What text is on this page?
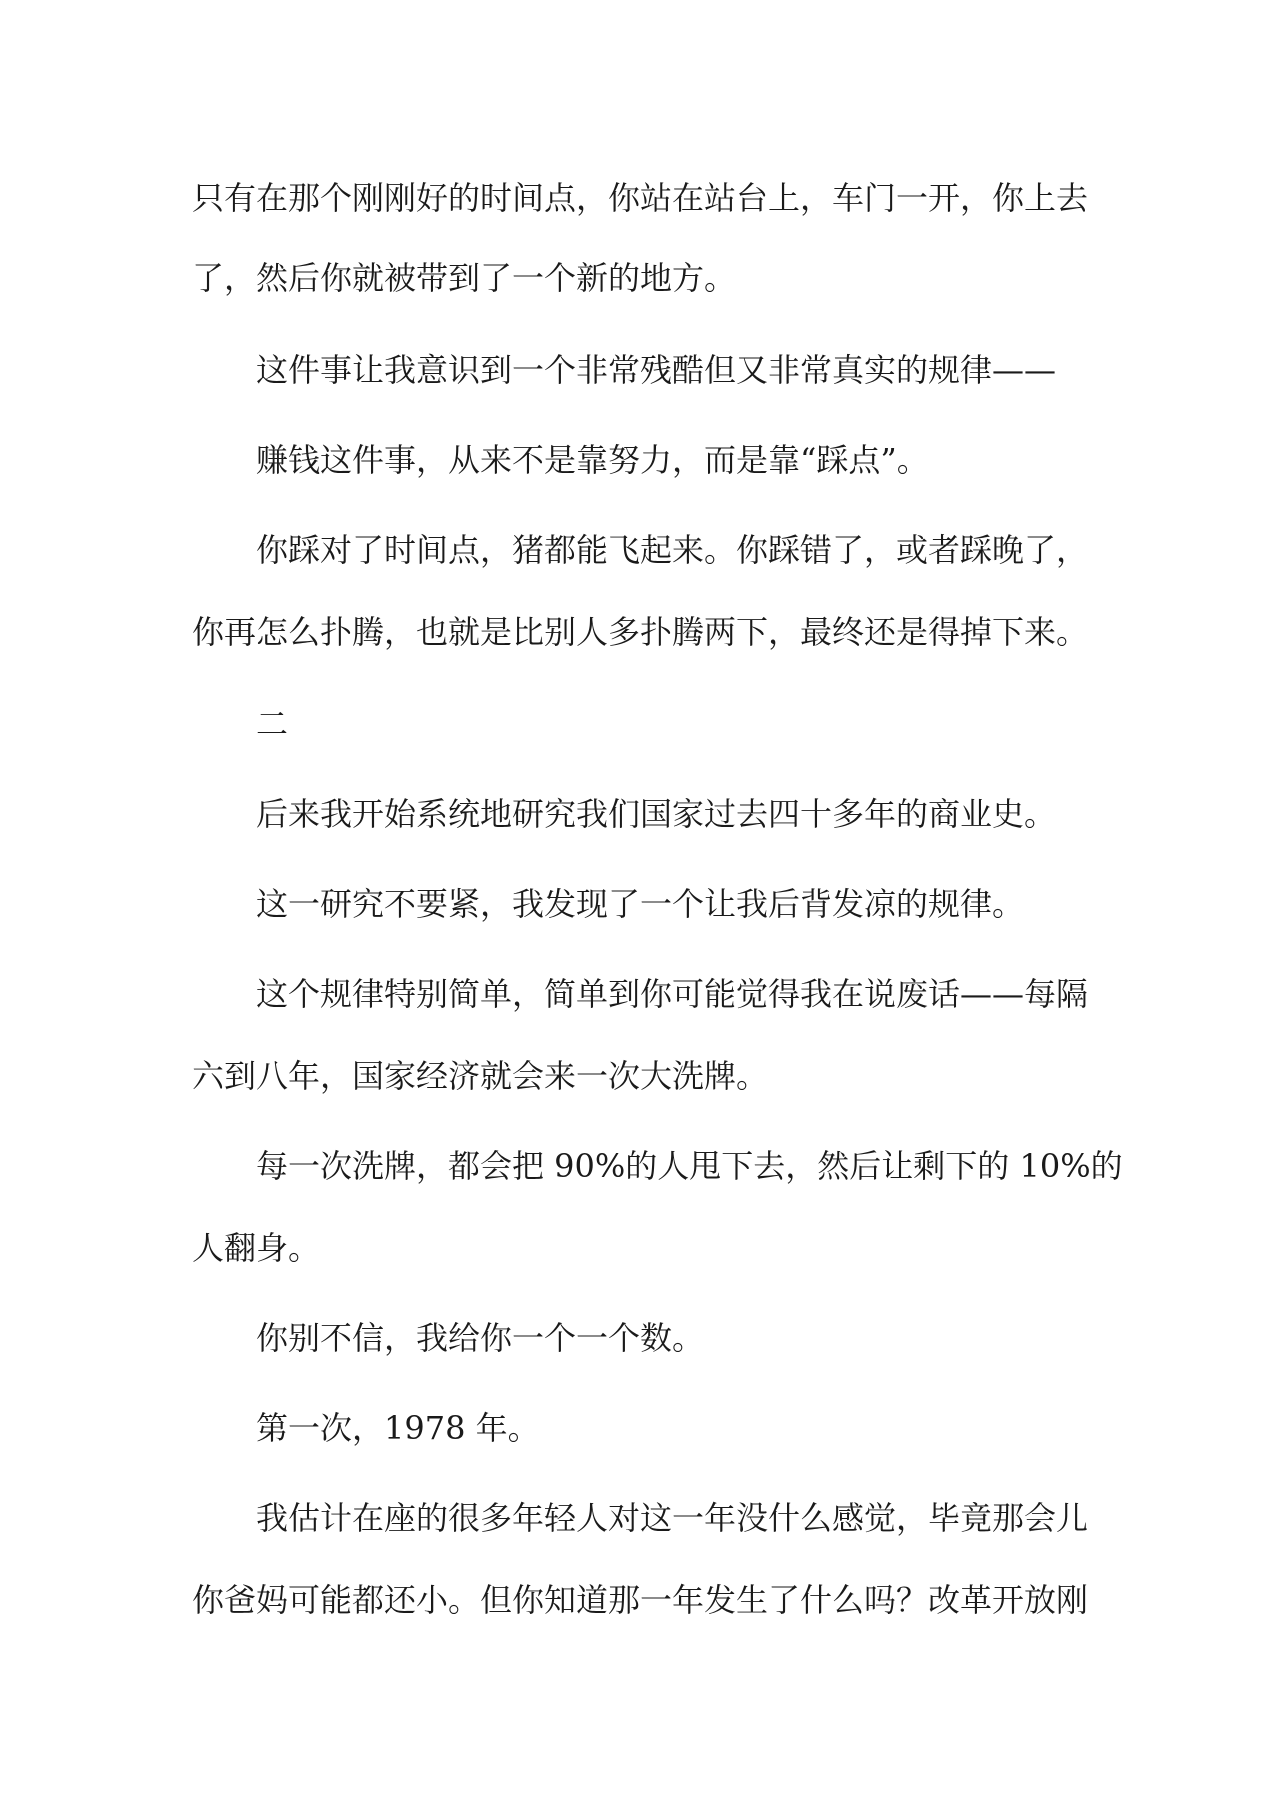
只有在那个刚刚好的时间点，你站在站台上，车门一开，你上去
了，然后你就被带到了一个新的地方。
这件事让我意识到一个非常残酷但又非常真实的规律——
赚钱这件事，从来不是靠努力，而是靠“踩点”。
你踩对了时间点，猪都能飞起来。你踩错了，或者踩晚了，
你再怎么扑腾，也就是比别人多扑腾两下，最终还是得掉下来。
二
后来我开始系统地研究我们国家过去四十多年的商业史。
这一研究不要紧，我发现了一个让我后背发凉的规律。
这个规律特别简单，简单到你可能觉得我在说废话——每隔
六到八年，国家经济就会来一次大洗牌。
每一次洗牌，都会把 90%的人甩下去，然后让剩下的 10%的
人翻身。
你别不信，我给你一个一个数。
第一次，1978 年。
我估计在座的很多年轻人对这一年没什么感觉，毕竟那会儿
你爸妈可能都还小。但你知道那一年发生了什么吗？改革开放刚
